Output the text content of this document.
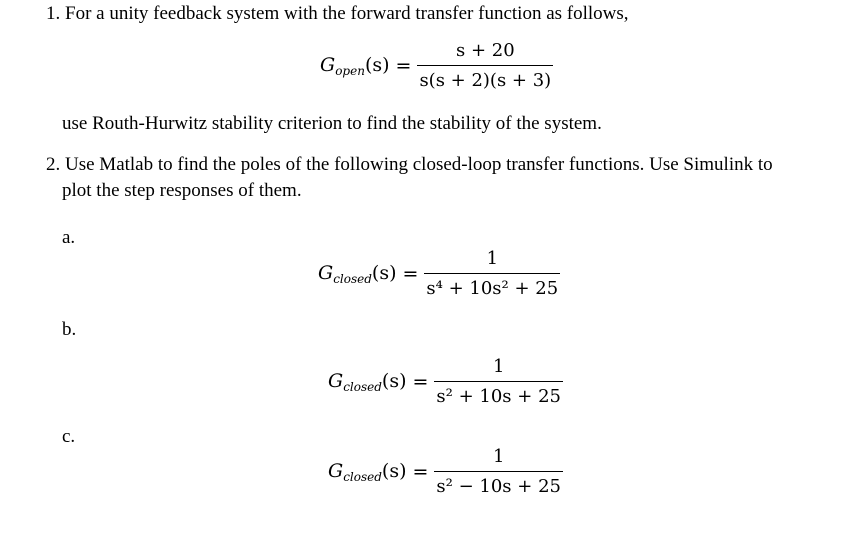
1. For a unity feedback system with the forward transfer function as follows,
$G_{open}(s) = \frac{s + 20}{s(s + 2)(s + 3)}$
use Routh-Hurwitz stability criterion to find the stability of the system.
2. Use Matlab to find the poles of the following closed-loop transfer functions. Use Simulink to
plot the step responses of them.
a.
$G_{closed}(s) = \frac{1}{\text{s⁴ + 10s² + 25}}$
b.
$G_{closed}(s) = \frac{1}{\text{s² + 10s + 25}}$
c.
$G_{closed}(s) = \frac{1}{\text{s² − 10s + 25}}$
